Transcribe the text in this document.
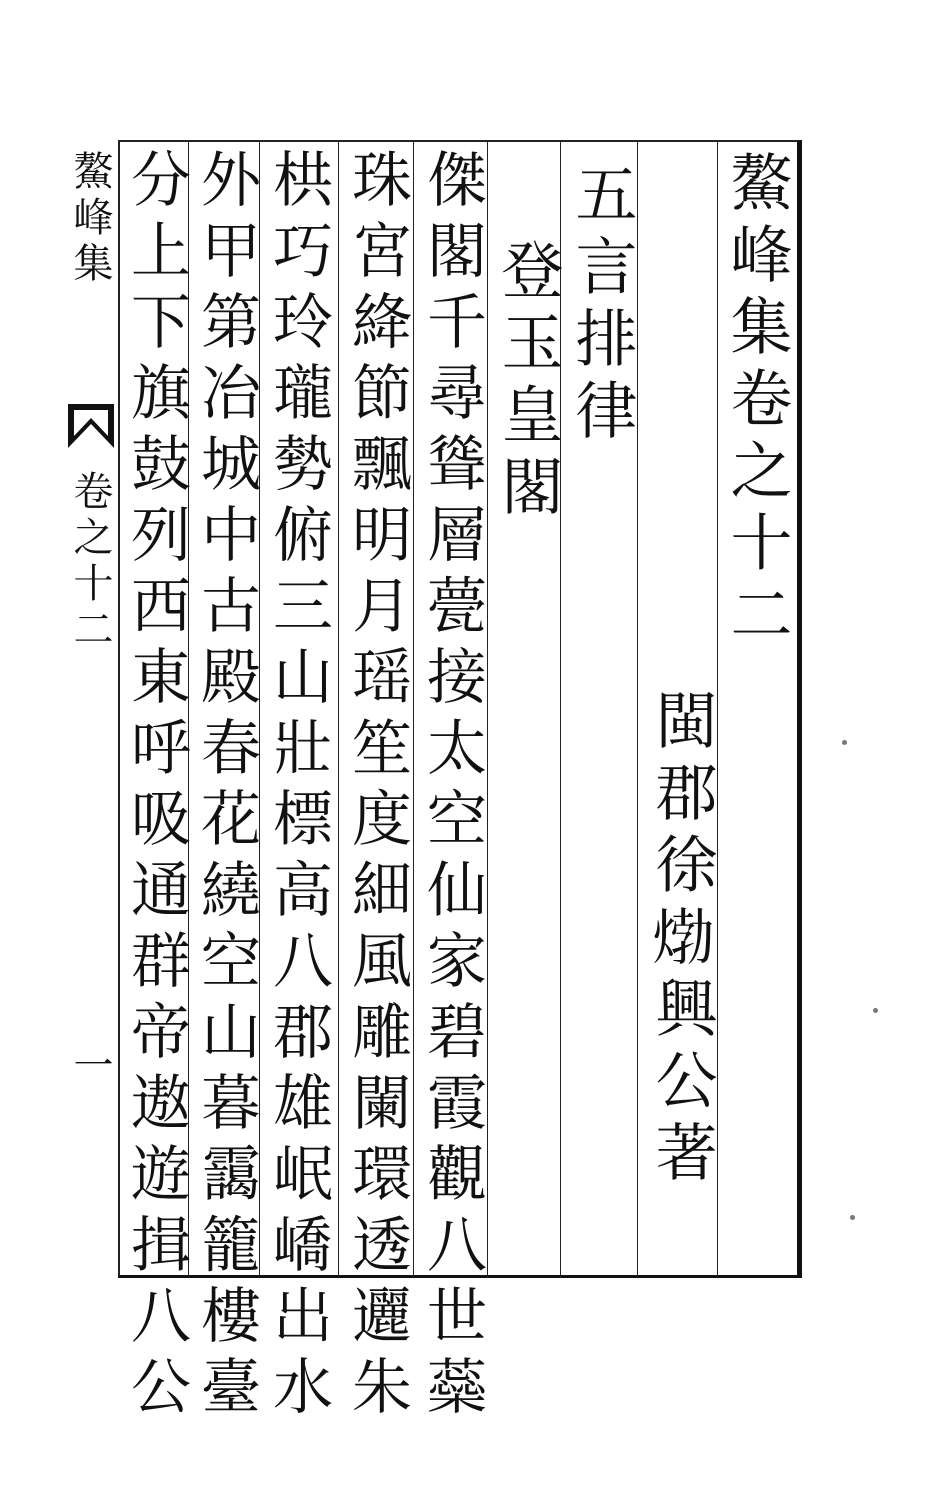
鰲峰集卷之十二
閩郡徐𤊹興公著
五言排律
登玉皇閣
傑閣千尋聳層甍接太空仙家碧霞觀八世蘂
珠宮絳節飄明月瑶笙度細風雕闌環透邐朱
栱巧玲瓏勢俯三山壯標高八郡雄岷嶠出水
外甲第冶城中古殿春花繞空山暮靄籠樓臺
分上下旗鼓列西東呼吸通群帝遨遊揖八公
鰲峰集
卷之十二
一
